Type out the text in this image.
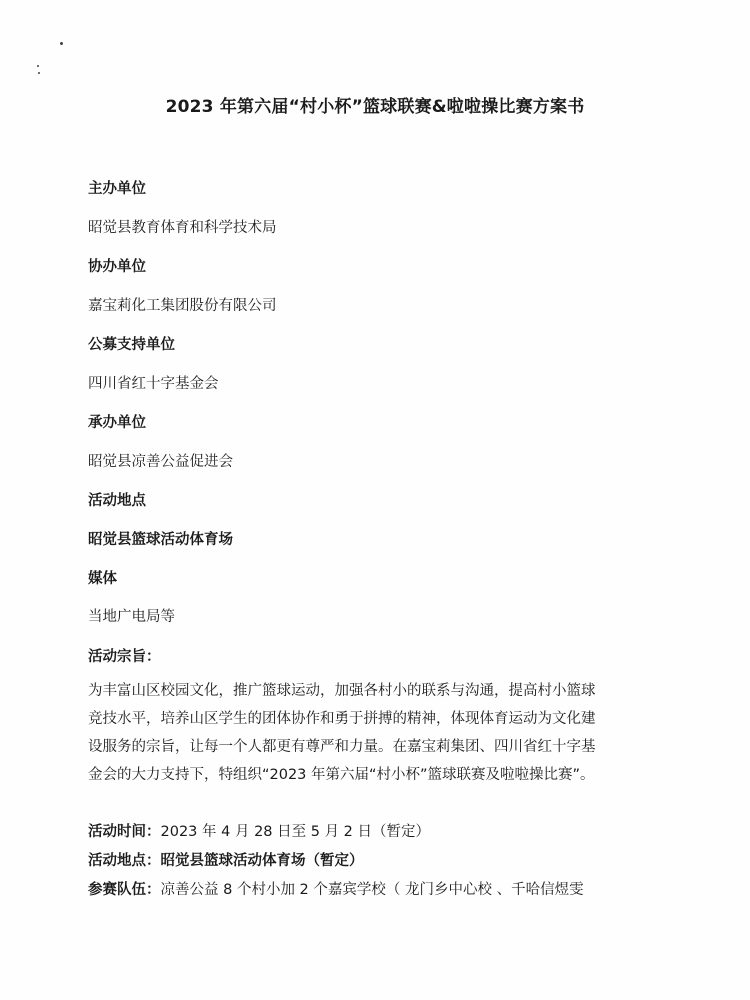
2023 年第六届“村小杯”篮球联赛&啦啦操比赛方案书
主办单位
昭觉县教育体育和科学技术局
协办单位
嘉宝莉化工集团股份有限公司
公募支持单位
四川省红十字基金会
承办单位
昭觉县凉善公益促进会
活动地点
昭觉县篮球活动体育场
媒体
当地广电局等
活动宗旨：
为丰富山区校园文化，推广篮球运动，加强各村小的联系与沟通，提高村小篮球
竞技水平，培养山区学生的团体协作和勇于拼搏的精神，体现体育运动为文化建
设服务的宗旨，让每一个人都更有尊严和力量。在嘉宝莉集团、四川省红十字基
金会的大力支持下，特组织“2023 年第六届“村小杯”篮球联赛及啦啦操比赛”。
活动时间：2023 年 4 月 28 日至 5 月 2 日（暂定）
活动地点：昭觉县篮球活动体育场（暂定）
参赛队伍：凉善公益 8 个村小加 2 个嘉宾学校（ 龙门乡中心校 、千哈信煜雯
